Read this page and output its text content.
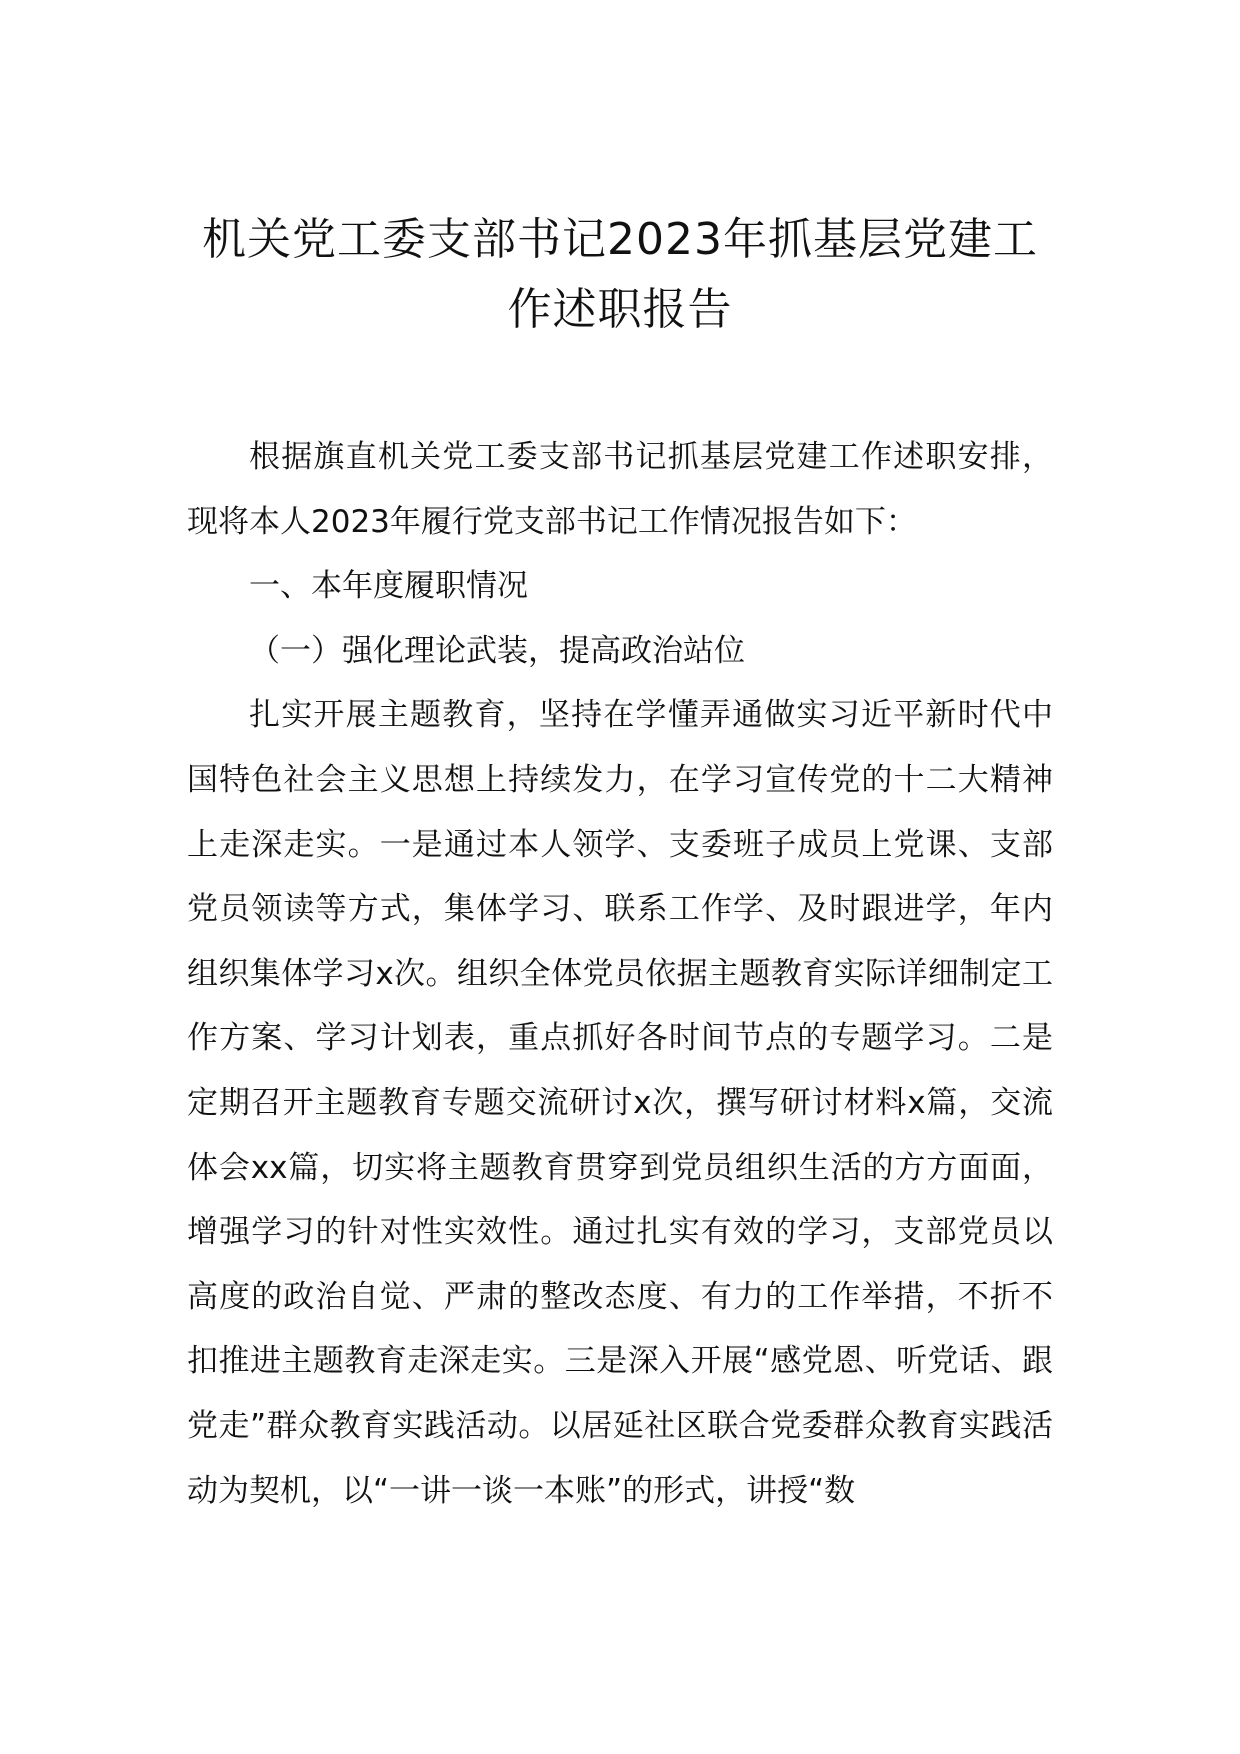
机关党工委支部书记2023年抓基层党建工
作述职报告

根据旗直机关党工委支部书记抓基层党建工作述职安排，现将本人2023年履行党支部书记工作情况报告如下：

一、本年度履职情况

（一）强化理论武装，提高政治站位

扎实开展主题教育，坚持在学懂弄通做实习近平新时代中国特色社会主义思想上持续发力，在学习宣传党的十二大精神上走深走实。一是通过本人领学、支委班子成员上党课、支部党员领读等方式，集体学习、联系工作学、及时跟进学，年内组织集体学习x次。组织全体党员依据主题教育实际详细制定工作方案、学习计划表，重点抓好各时间节点的专题学习。二是定期召开主题教育专题交流研讨x次，撰写研讨材料x篇，交流体会xx篇，切实将主题教育贯穿到党员组织生活的方方面面，增强学习的针对性实效性。通过扎实有效的学习，支部党员以高度的政治自觉、严肃的整改态度、有力的工作举措，不折不扣推进主题教育走深走实。三是深入开展“感党恩、听党话、跟党走”群众教育实践活动。以居延社区联合党委群众教育实践活动为契机，以“一讲一谈一本账”的形式，讲授“数
